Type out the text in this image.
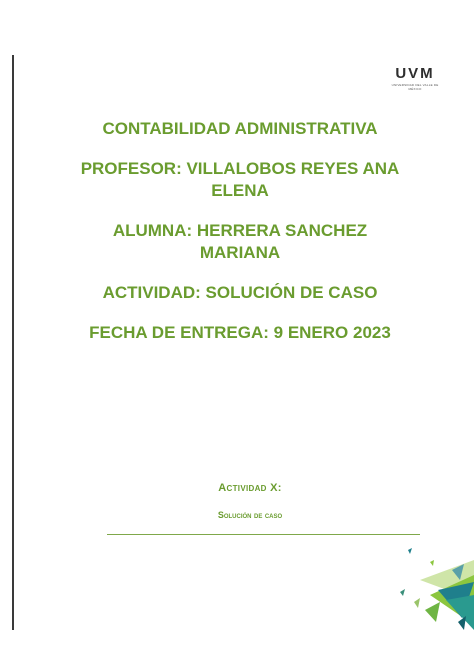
UVM
UNIVERSIDAD DEL VALLE DE MÉXICO

CONTABILIDAD ADMINISTRATIVA

PROFESOR: VILLALOBOS REYES ANA

ELENA

ALUMNA: HERRERA SANCHEZ

MARIANA

ACTIVIDAD: SOLUCIÓN DE CASO

FECHA DE ENTREGA: 9 ENERO 2023

Actividad X:
Solución de caso
